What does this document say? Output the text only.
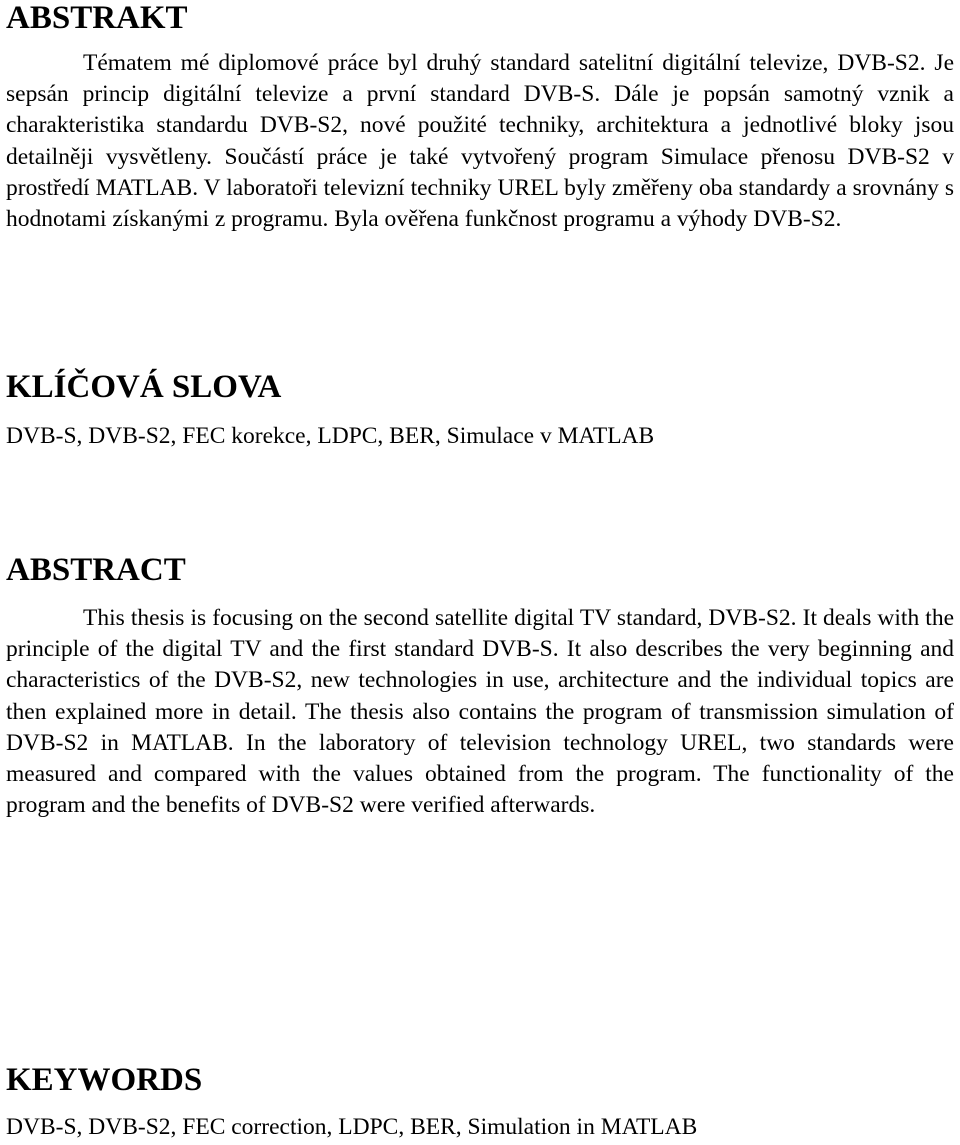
ABSTRAKT

Tématem mé diplomové práce byl druhý standard satelitní digitální televize, DVB-S2. Je sepsán princip digitální televize a první standard DVB-S. Dále je popsán samotný vznik a charakteristika standardu DVB-S2, nové použité techniky, architektura a jednotlivé bloky jsou detailněji vysvětleny. Součástí práce je také vytvořený program Simulace přenosu DVB-S2 v prostředí MATLAB. V laboratoři televizní techniky UREL byly změřeny oba standardy a srovnány s hodnotami získanými z programu. Byla ověřena funkčnost programu a výhody DVB-S2.

KLÍČOVÁ SLOVA

DVB-S, DVB-S2, FEC korekce, LDPC, BER, Simulace v MATLAB

ABSTRACT

This thesis is focusing on the second satellite digital TV standard, DVB-S2. It deals with the principle of the digital TV and the first standard DVB-S. It also describes the very beginning and characteristics of the DVB-S2, new technologies in use, architecture and the individual topics are then explained more in detail. The thesis also contains the program of transmission simulation of DVB-S2 in MATLAB. In the laboratory of television technology UREL, two standards were measured and compared with the values obtained from the program. The functionality of the program and the benefits of DVB-S2 were verified afterwards.

KEYWORDS

DVB-S, DVB-S2, FEC correction, LDPC, BER, Simulation in MATLAB
